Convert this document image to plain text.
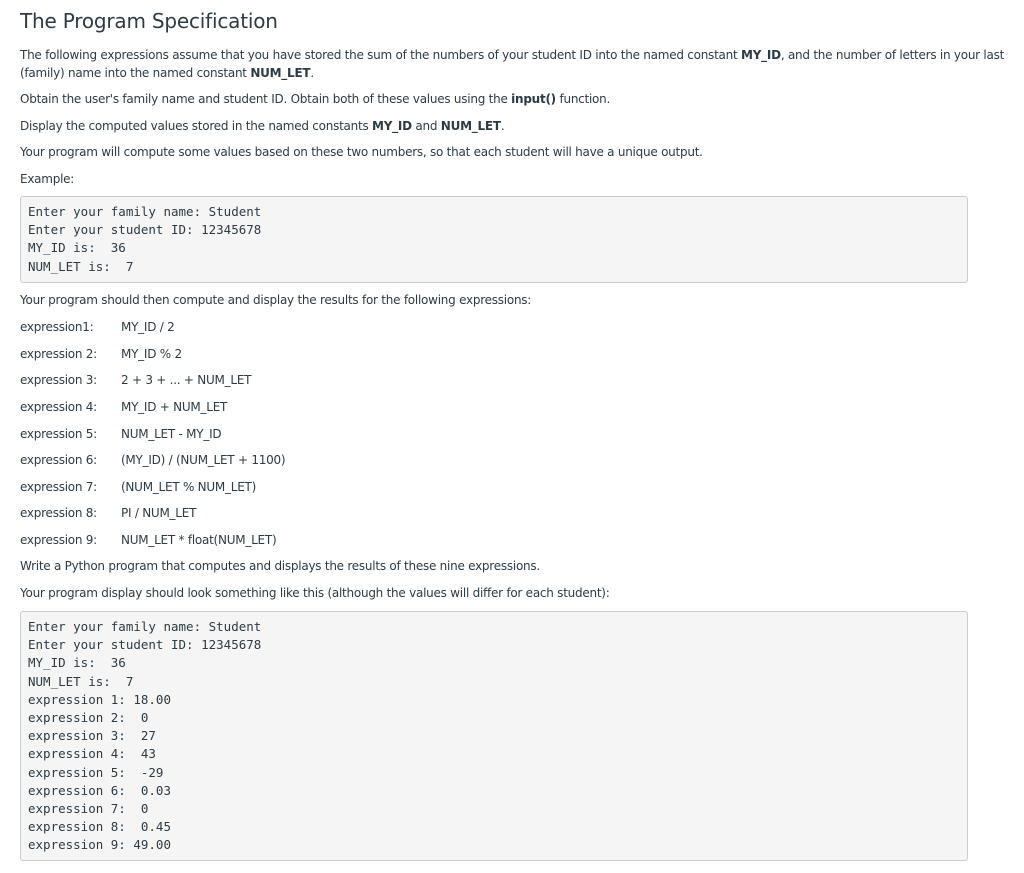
The Program Specification

The following expressions assume that you have stored the sum of the numbers of your student ID into the named constant MY_ID, and the number of letters in your last
(family) name into the named constant NUM_LET.

Obtain the user's family name and student ID. Obtain both of these values using the input() function.

Display the computed values stored in the named constants MY_ID and NUM_LET.

Your program will compute some values based on these two numbers, so that each student will have a unique output.

Example:

Enter your family name: Student
Enter your student ID: 12345678
MY_ID is:  36
NUM_LET is:  7

Your program should then compute and display the results for the following expressions:

expression1: MY_ID / 2
expression 2: MY_ID % 2
expression 3: 2 + 3 + ... + NUM_LET
expression 4: MY_ID + NUM_LET
expression 5: NUM_LET - MY_ID
expression 6: (MY_ID) / (NUM_LET + 1100)
expression 7: (NUM_LET % NUM_LET)
expression 8: PI / NUM_LET
expression 9: NUM_LET * float(NUM_LET)

Write a Python program that computes and displays the results of these nine expressions.

Your program display should look something like this (although the values will differ for each student):

Enter your family name: Student
Enter your student ID: 12345678
MY_ID is:  36
NUM_LET is:  7
expression 1: 18.00
expression 2:  0
expression 3:  27
expression 4:  43
expression 5:  -29
expression 6:  0.03
expression 7:  0
expression 8:  0.45
expression 9: 49.00
